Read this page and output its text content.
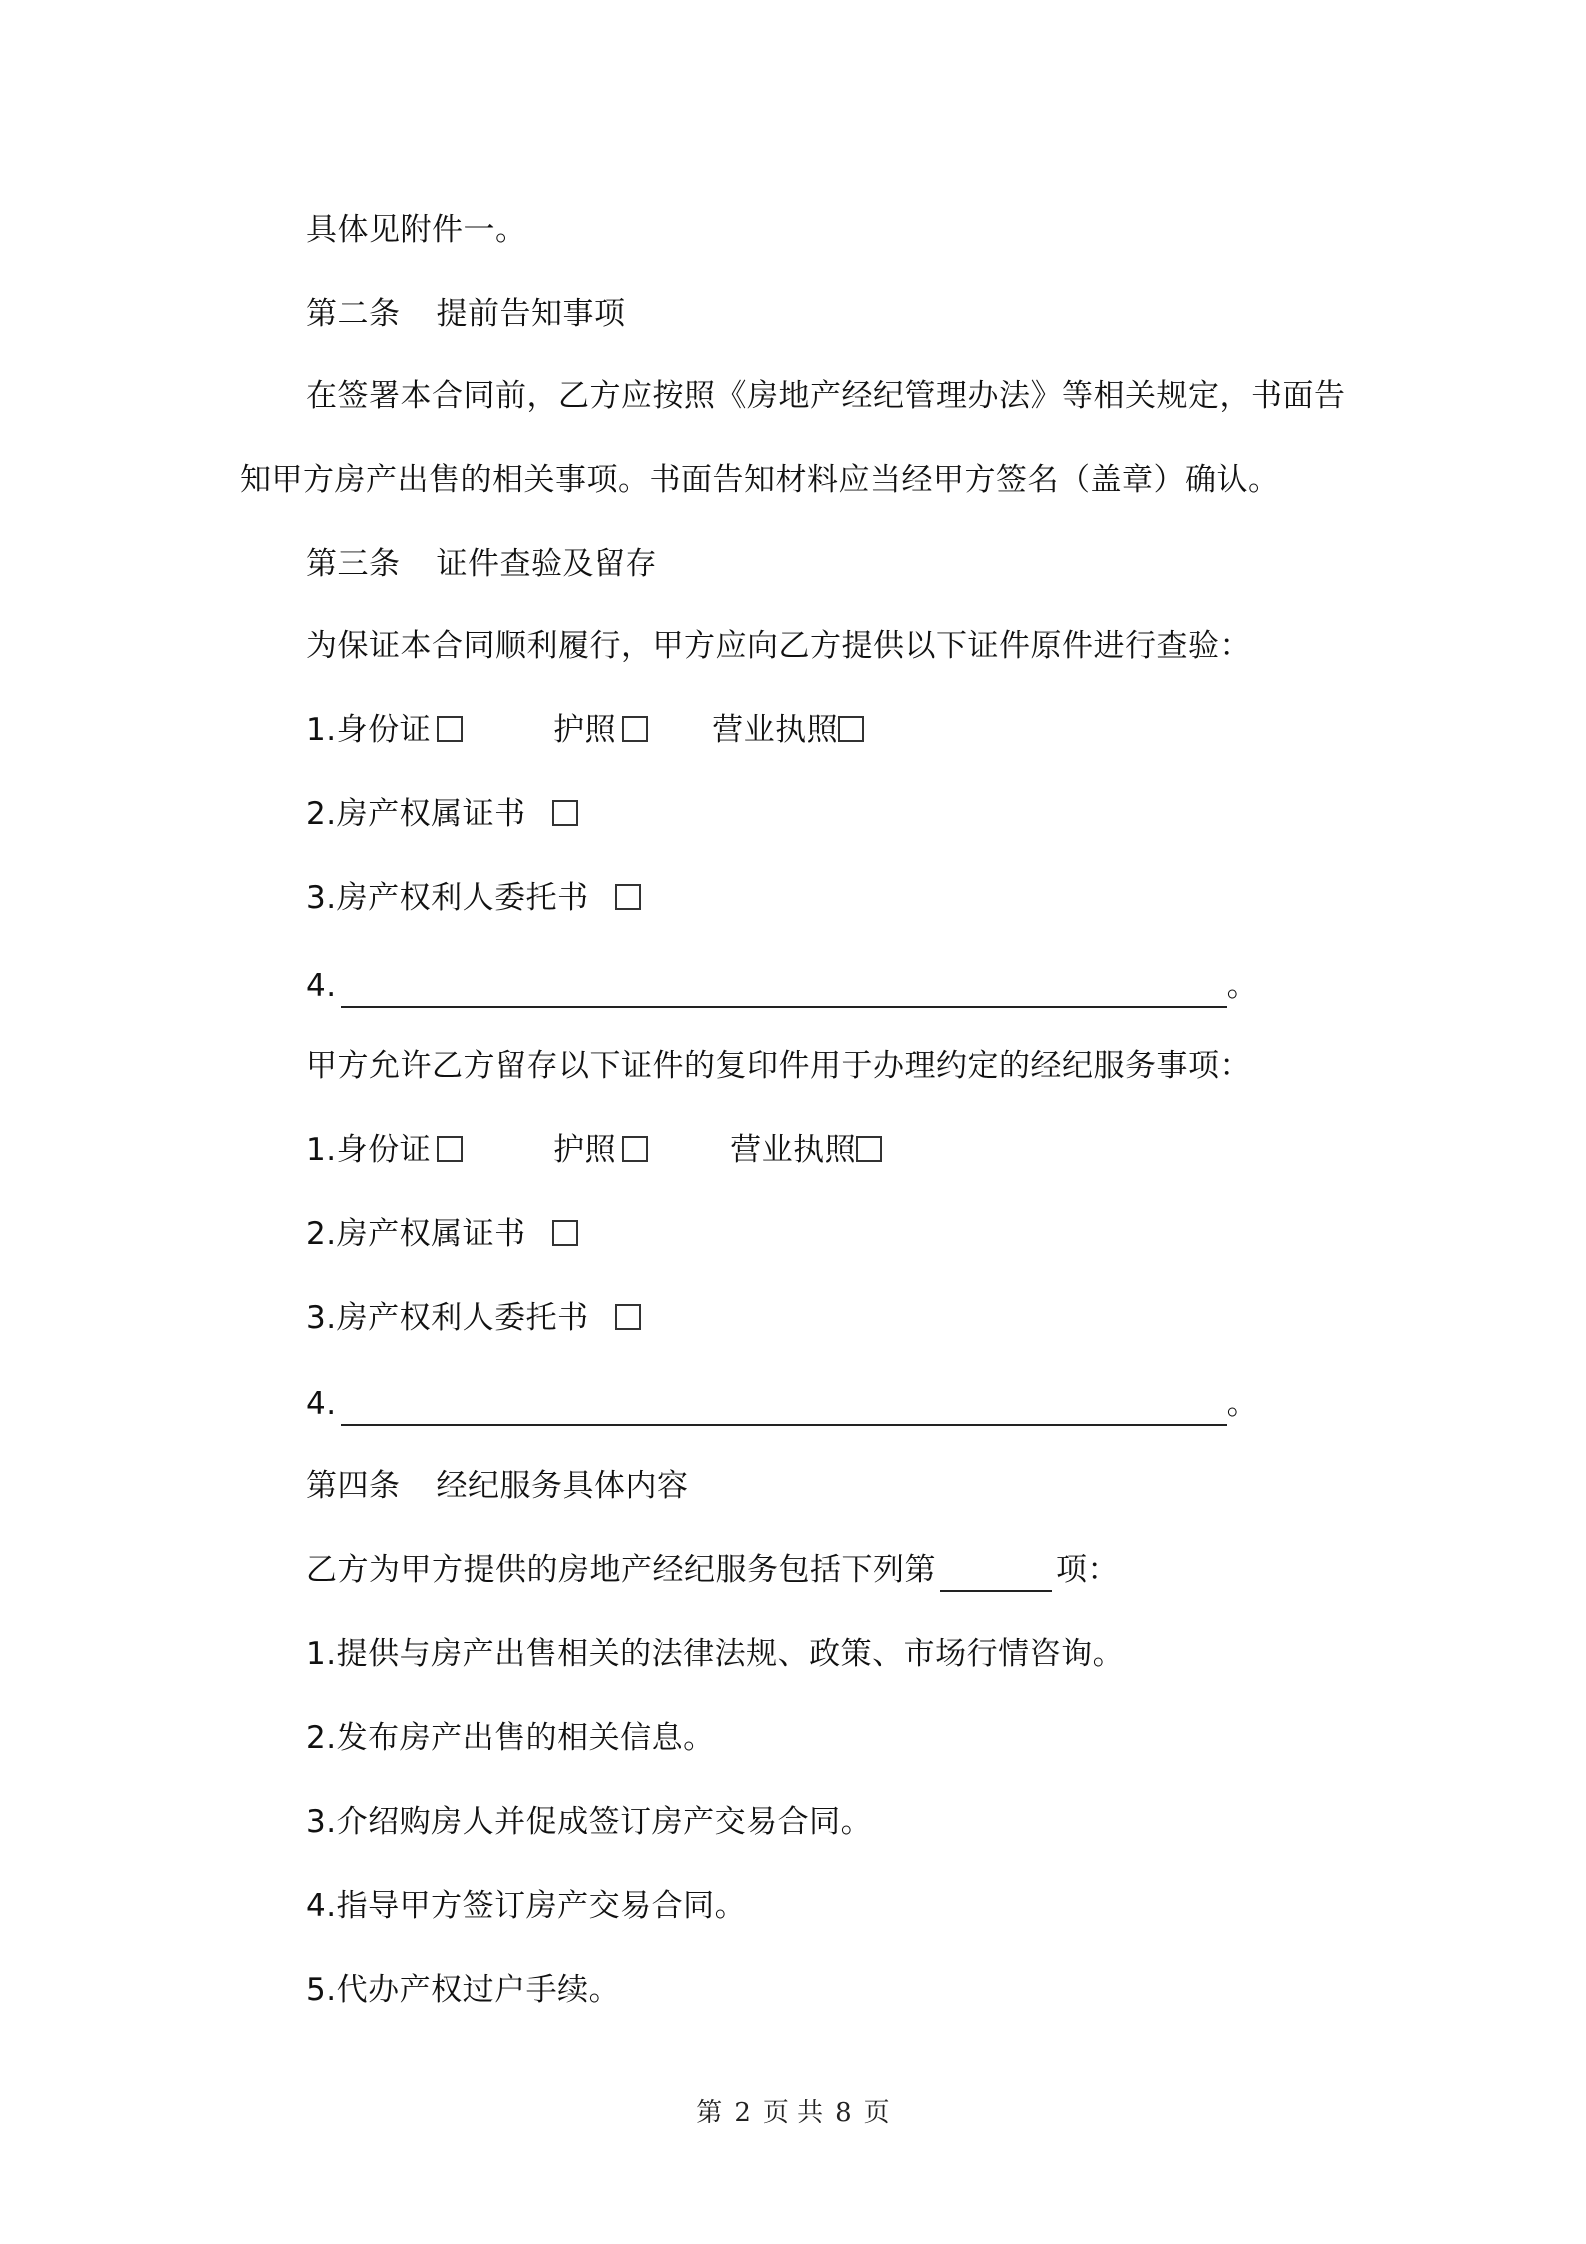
具体见附件一。
第二条 提前告知事项
在签署本合同前，乙方应按照《房地产经纪管理办法》等相关规定，书面告
知甲方房产出售的相关事项。书面告知材料应当经甲方签名（盖章）确认。
第三条 证件查验及留存
为保证本合同顺利履行，甲方应向乙方提供以下证件原件进行查验：
1.身份证	护照	营业执照
2.房产权属证书
3.房产权利人委托书
4.	。
甲方允许乙方留存以下证件的复印件用于办理约定的经纪服务事项：
1.身份证	护照	营业执照
2.房产权属证书
3.房产权利人委托书
4.	。
第四条 经纪服务具体内容
乙方为甲方提供的房地产经纪服务包括下列第	项：
1.提供与房产出售相关的法律法规、政策、市场行情咨询。
2.发布房产出售的相关信息。
3.介绍购房人并促成签订房产交易合同。
4.指导甲方签订房产交易合同。
5.代办产权过户手续。
第 2 页 共 8 页
